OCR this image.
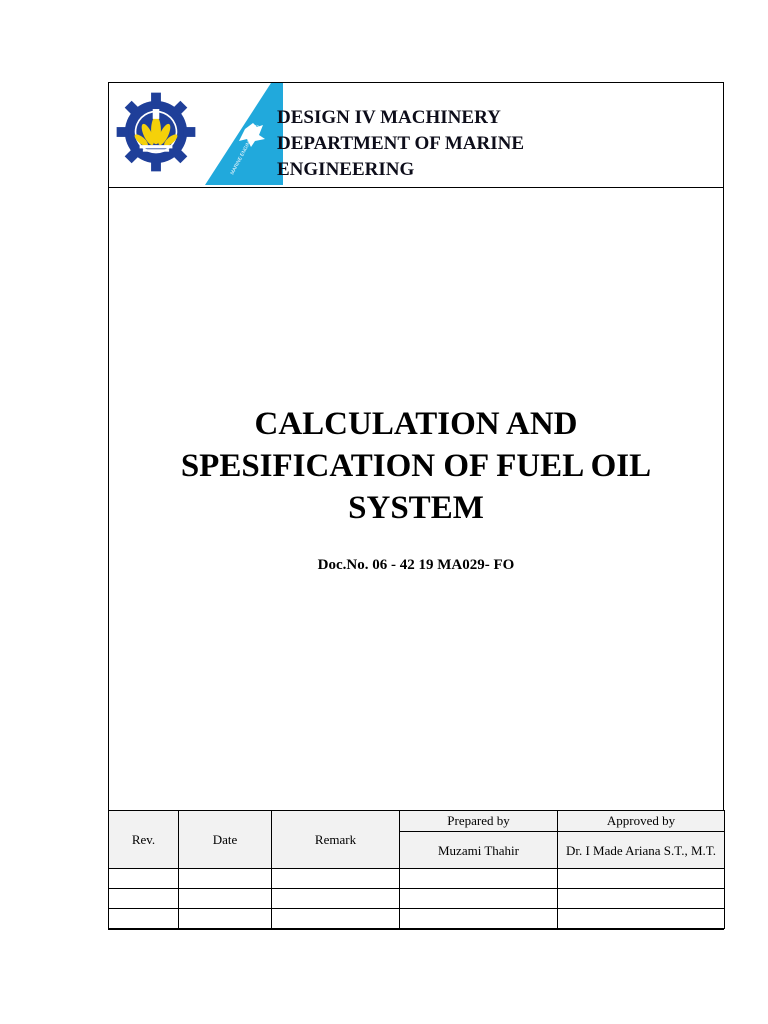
MARINE ENGINEERING
DESIGN IV MACHINERY
DEPARTMENT OF MARINE
ENGINEERING
CALCULATION AND
SPESIFICATION OF FUEL OIL
SYSTEM
Doc.No. 06 - 42 19 MA029- FO
Rev.	Date	Remark	Prepared by	Approved by
			Muzami Thahir	Dr. I Made Ariana S.T., M.T.
